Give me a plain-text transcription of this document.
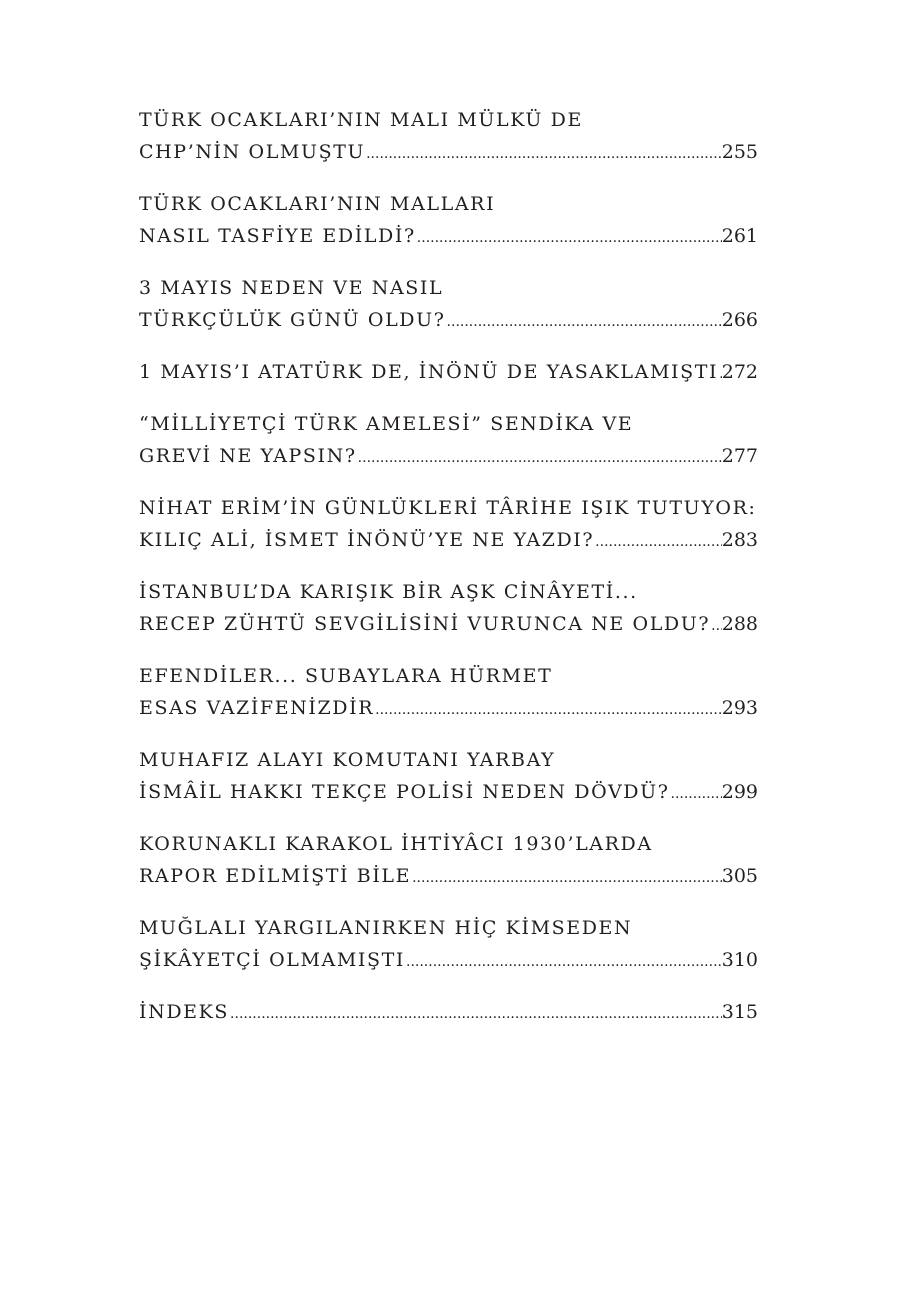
TÜRK OCAKLARI’NIN MALI MÜLKÜ DE
CHP’NİN OLMUŞTU .....	255
TÜRK OCAKLARI’NIN MALLARI
NASIL TASFİYE EDİLDİ? .....	261
3 MAYIS NEDEN VE NASIL
TÜRKÇÜLÜK GÜNÜ OLDU? .....	266
1 MAYIS’I ATATÜRK DE, İNÖNÜ DE YASAKLAMIŞTI ..... 272
“MİLLİYETÇİ TÜRK AMELESİ” SENDİKA VE
GREVİ NE YAPSIN? .....	277
NİHAT ERİM’İN GÜNLÜKLERİ TÂRİHE IŞIK TUTUYOR:
KILIÇ ALİ, İSMET İNÖNÜ’YE NE YAZDI? .....	283
İSTANBUL’DA KARIŞIK BİR AŞK CİNÂYETİ...
RECEP ZÜHTÜ SEVGİLİSİNİ VURUNCA NE OLDU? ..... 288
EFENDİLER... SUBAYLARA HÜRMET
ESAS VAZİFENİZDİR .....	293
MUHAFIZ ALAYI KOMUTANI YARBAY
İSMÂİL HAKKI TEKÇE POLİSİ NEDEN DÖVDÜ? .....	299
KORUNAKLI KARAKOL İHTİYÂCI 1930’LARDA
RAPOR EDİLMİŞTİ BİLE .....	305
MUĞLALI YARGILANIRKEN HİÇ KİMSEDEN
ŞİKÂYETÇİ OLMAMIŞTI .....	310
İNDEKS .....	315
